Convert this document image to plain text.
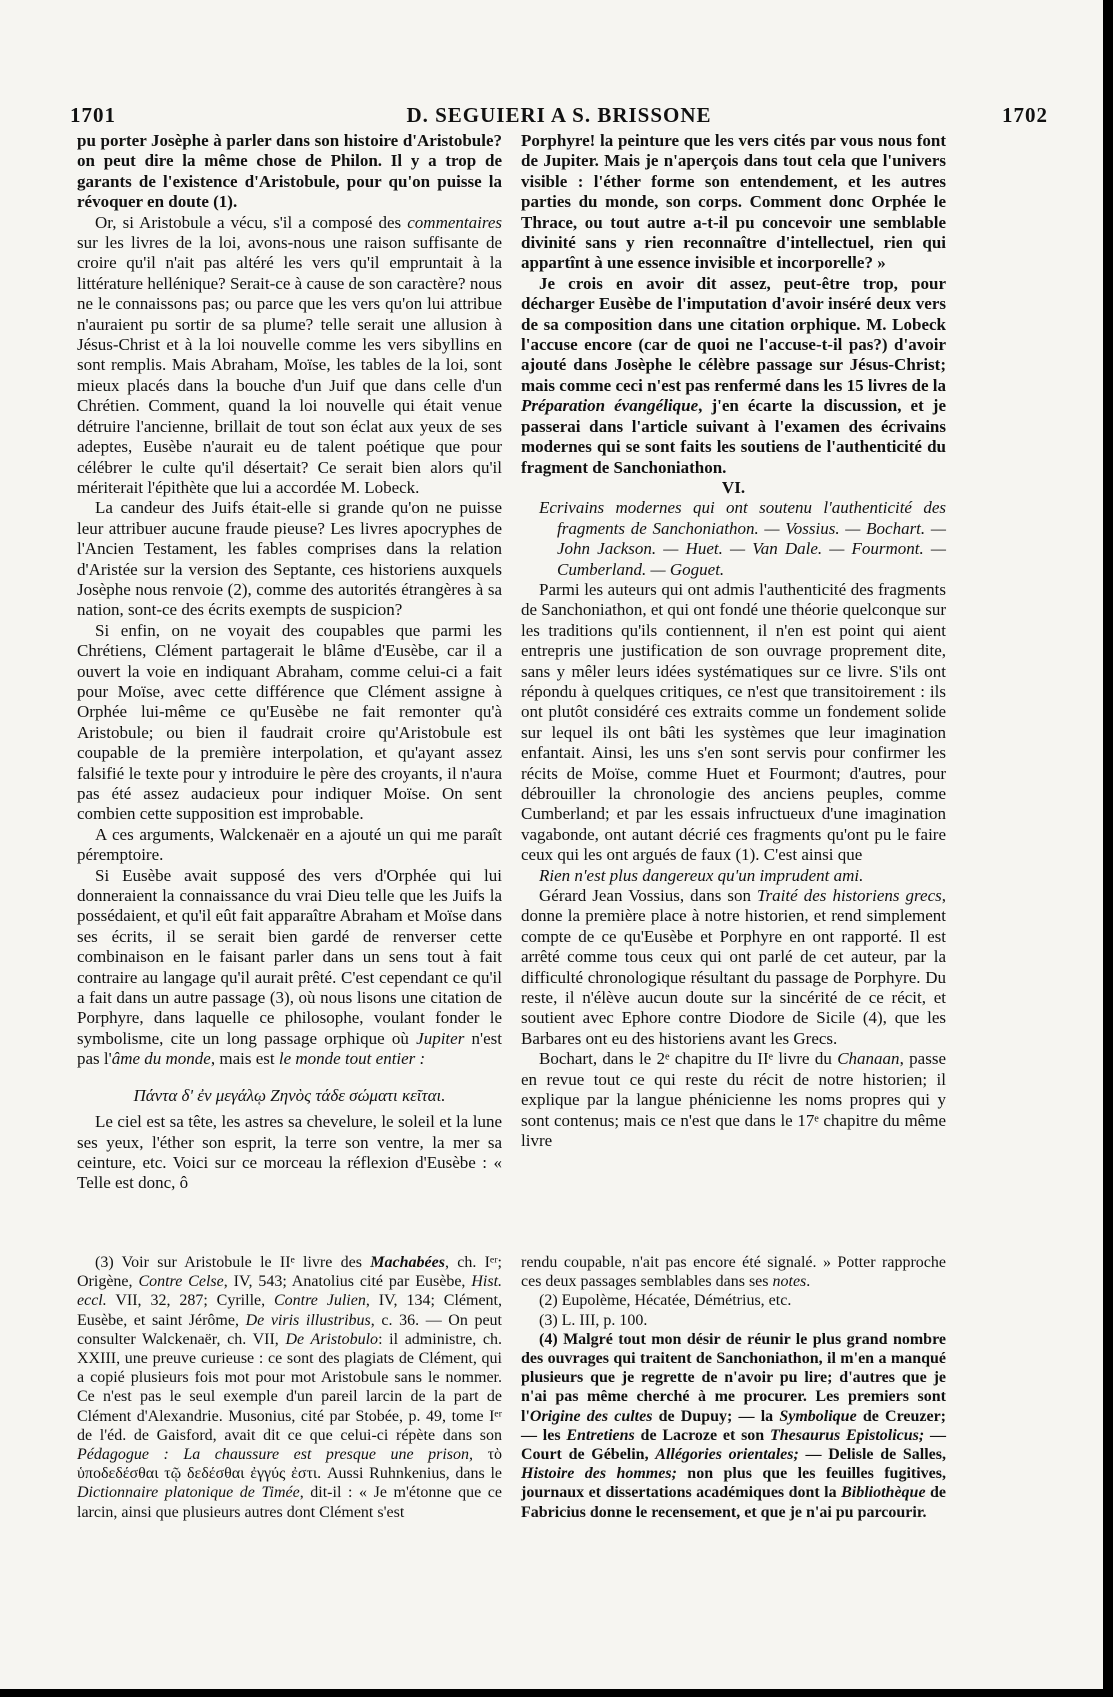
1701	D. SEGUIERI A S. BRISSONE	1702

pu porter Josèphe à parler dans son histoire d'Aristobule? on peut dire la même chose de Philon. Il y a trop de garants de l'existence d'Aristobule, pour qu'on puisse la révoquer en doute (1).

Or, si Aristobule a vécu, s'il a composé des commentaires sur les livres de la loi, avons-nous une raison suffisante de croire qu'il n'ait pas altéré les vers qu'il empruntait à la littérature hellénique? Serait-ce à cause de son caractère? nous ne le connaissons pas; ou parce que les vers qu'on lui attribue n'auraient pu sortir de sa plume? telle serait une allusion à Jésus-Christ et à la loi nouvelle comme les vers sibyllins en sont remplis. Mais Abraham, Moïse, les tables de la loi, sont mieux placés dans la bouche d'un Juif que dans celle d'un Chrétien. Comment, quand la loi nouvelle qui était venue détruire l'ancienne, brillait de tout son éclat aux yeux de ses adeptes, Eusèbe n'aurait eu de talent poétique que pour célébrer le culte qu'il désertait? Ce serait bien alors qu'il mériterait l'épithète que lui a accordée M. Lobeck.

La candeur des Juifs était-elle si grande qu'on ne puisse leur attribuer aucune fraude pieuse? Les livres apocryphes de l'Ancien Testament, les fables comprises dans la relation d'Aristée sur la version des Septante, ces historiens auxquels Josèphe nous renvoie (2), comme des autorités étrangères à sa nation, sont-ce des écrits exempts de suspicion?

Si enfin, on ne voyait des coupables que parmi les Chrétiens, Clément partagerait le blâme d'Eusèbe, car il a ouvert la voie en indiquant Abraham, comme celui-ci a fait pour Moïse, avec cette différence que Clément assigne à Orphée lui-même ce qu'Eusèbe ne fait remonter qu'à Aristobule; ou bien il faudrait croire qu'Aristobule est coupable de la première interpolation, et qu'ayant assez falsifié le texte pour y introduire le père des croyants, il n'aura pas été assez audacieux pour indiquer Moïse. On sent combien cette supposition est improbable.

A ces arguments, Walckenaër en a ajouté un qui me paraît péremptoire.

Si Eusèbe avait supposé des vers d'Orphée qui lui donneraient la connaissance du vrai Dieu telle que les Juifs la possédaient, et qu'il eût fait apparaître Abraham et Moïse dans ses écrits, il se serait bien gardé de renverser cette combinaison en le faisant parler dans un sens tout à fait contraire au langage qu'il aurait prêté. C'est cependant ce qu'il a fait dans un autre passage (3), où nous lisons une citation de Porphyre, dans laquelle ce philosophe, voulant fonder le symbolisme, cite un long passage orphique où Jupiter n'est pas l'âme du monde, mais est le monde tout entier :

Πάντα δ' ἐν μεγάλῳ Ζηνὸς τάδε σώματι κεῖται.

Le ciel est sa tête, les astres sa chevelure, le soleil et la lune ses yeux, l'éther son esprit, la terre son ventre, la mer sa ceinture, etc. Voici sur ce morceau la réflexion d'Eusèbe : « Telle est donc, ô

(3) Voir sur Aristobule le IIᵉ livre des Machabées, ch. Iᵉʳ; Origène, Contre Celse, IV, 543; Anatolius cité par Eusèbe, Hist. eccl. VII, 32, 287; Cyrille, Contre Julien, IV, 134; Clément, Eusèbe, et saint Jérôme, De viris illustribus, c. 36. — On peut consulter Walckenaër, ch. VII, De Aristobulo: il administre, ch. XXIII, une preuve curieuse : ce sont des plagiats de Clément, qui a copié plusieurs fois mot pour mot Aristobule sans le nommer. Ce n'est pas le seul exemple d'un pareil larcin de la part de Clément d'Alexandrie. Musonius, cité par Stobée, p. 49, tome Iᵉʳ de l'éd. de Gaisford, avait dit ce que celui-ci répète dans son Pédagogue : La chaussure est presque une prison, τὸ ὑποδεδέσθαι τῷ δεδέσθαι ἐγγύς ἐστι. Aussi Ruhnkenius, dans le Dictionnaire platonique de Timée, dit-il : « Je m'étonne que ce larcin, ainsi que plusieurs autres dont Clément s'est

Porphyre! la peinture que les vers cités par vous nous font de Jupiter. Mais je n'aperçois dans tout cela que l'univers visible : l'éther forme son entendement, et les autres parties du monde, son corps. Comment donc Orphée le Thrace, ou tout autre a-t-il pu concevoir une semblable divinité sans y rien reconnaître d'intellectuel, rien qui appartînt à une essence invisible et incorporelle? »

Je crois en avoir dit assez, peut-être trop, pour décharger Eusèbe de l'imputation d'avoir inséré deux vers de sa composition dans une citation orphique. M. Lobeck l'accuse encore (car de quoi ne l'accuse-t-il pas?) d'avoir ajouté dans Josèphe le célèbre passage sur Jésus-Christ; mais comme ceci n'est pas renfermé dans les 15 livres de la Préparation évangélique, j'en écarte la discussion, et je passerai dans l'article suivant à l'examen des écrivains modernes qui se sont faits les soutiens de l'authenticité du fragment de Sanchoniathon.

VI.

Ecrivains modernes qui ont soutenu l'authenticité des fragments de Sanchoniathon. — Vossius. — Bochart. — John Jackson. — Huet. — Van Dale. — Fourmont. — Cumberland. — Goguet.

Parmi les auteurs qui ont admis l'authenticité des fragments de Sanchoniathon, et qui ont fondé une théorie quelconque sur les traditions qu'ils contiennent, il n'en est point qui aient entrepris une justification de son ouvrage proprement dite, sans y mêler leurs idées systématiques sur ce livre. S'ils ont répondu à quelques critiques, ce n'est que transitoirement : ils ont plutôt considéré ces extraits comme un fondement solide sur lequel ils ont bâti les systèmes que leur imagination enfantait. Ainsi, les uns s'en sont servis pour confirmer les récits de Moïse, comme Huet et Fourmont; d'autres, pour débrouiller la chronologie des anciens peuples, comme Cumberland; et par les essais infructueux d'une imagination vagabonde, ont autant décrié ces fragments qu'ont pu le faire ceux qui les ont argués de faux (1). C'est ainsi que

Rien n'est plus dangereux qu'un imprudent ami.

Gérard Jean Vossius, dans son Traité des historiens grecs, donne la première place à notre historien, et rend simplement compte de ce qu'Eusèbe et Porphyre en ont rapporté. Il est arrêté comme tous ceux qui ont parlé de cet auteur, par la difficulté chronologique résultant du passage de Porphyre. Du reste, il n'élève aucun doute sur la sincérité de ce récit, et soutient avec Ephore contre Diodore de Sicile (4), que les Barbares ont eu des historiens avant les Grecs.

Bochart, dans le 2ᵉ chapitre du IIᵉ livre du Chanaan, passe en revue tout ce qui reste du récit de notre historien; il explique par la langue phénicienne les noms propres qui y sont contenus; mais ce n'est que dans le 17ᵉ chapitre du même livre

rendu coupable, n'ait pas encore été signalé. » Potter rapproche ces deux passages semblables dans ses notes.

(2) Eupolème, Hécatée, Démétrius, etc.

(3) L. III, p. 100.

(4) Malgré tout mon désir de réunir le plus grand nombre des ouvrages qui traitent de Sanchoniathon, il m'en a manqué plusieurs que je regrette de n'avoir pu lire; d'autres que je n'ai pas même cherché à me procurer. Les premiers sont l'Origine des cultes de Dupuy; — la Symbolique de Creuzer; — les Entretiens de Lacroze et son Thesaurus Epistolicus; — Court de Gébelin, Allégories orientales; — Delisle de Salles, Histoire des hommes; non plus que les feuilles fugitives, journaux et dissertations académiques dont la Bibliothèque de Fabricius donne le recensement, et que je n'ai pu parcourir.
